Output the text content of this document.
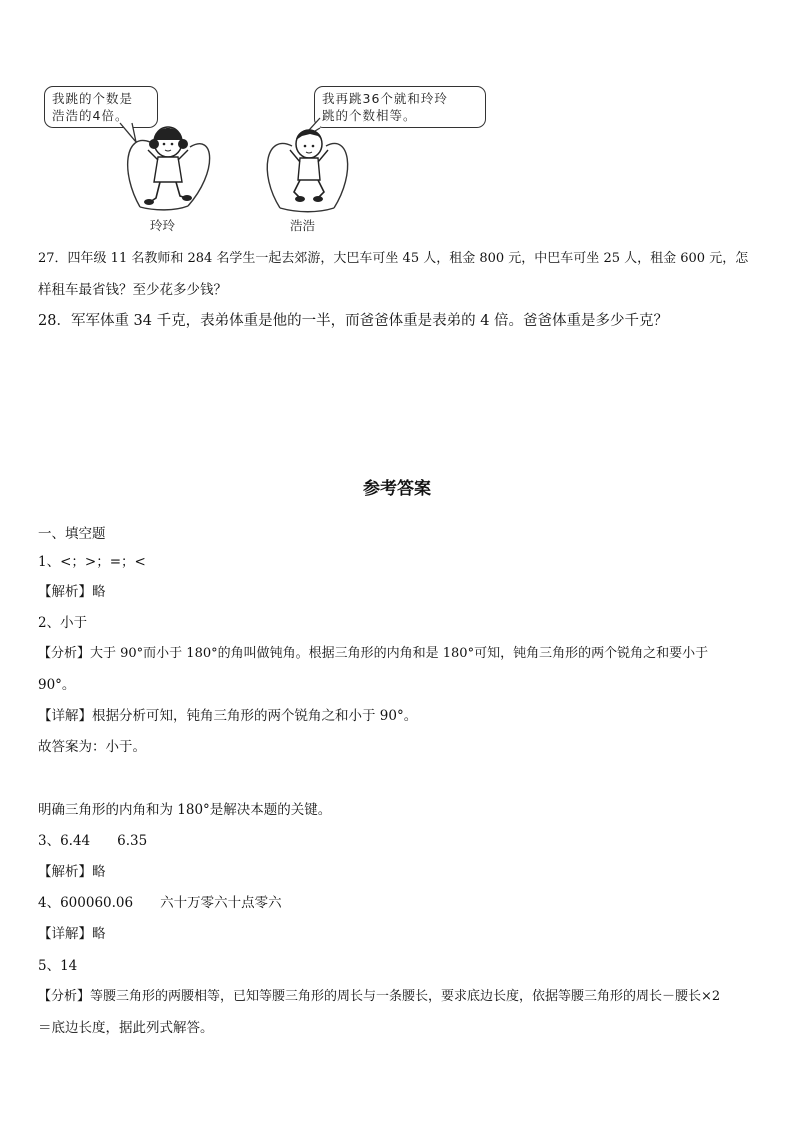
我跳的个数是
浩浩的4倍。
我再跳36个就和玲玲
跳的个数相等。
玲玲	浩浩
27．四年级 11 名教师和 284 名学生一起去郊游，大巴车可坐 45 人，租金 800 元，中巴车可坐 25 人，租金 600 元，怎
样租车最省钱？至少花多少钱？
28．军军体重 34 千克，表弟体重是他的一半，而爸爸体重是表弟的 4 倍。爸爸体重是多少千克？
参考答案
一、填空题
1、<；>；=；<
【解析】略
2、小于
【分析】大于 90°而小于 180°的角叫做钝角。根据三角形的内角和是 180°可知，钝角三角形的两个锐角之和要小于
90°。
【详解】根据分析可知，钝角三角形的两个锐角之和小于 90°。
故答案为：小于。
明确三角形的内角和为 180°是解决本题的关键。
3、6.44　　6.35
【解析】略
4、600060.06　　六十万零六十点零六
【详解】略
5、14
【分析】等腰三角形的两腰相等，已知等腰三角形的周长与一条腰长，要求底边长度，依据等腰三角形的周长－腰长×2
＝底边长度，据此列式解答。
